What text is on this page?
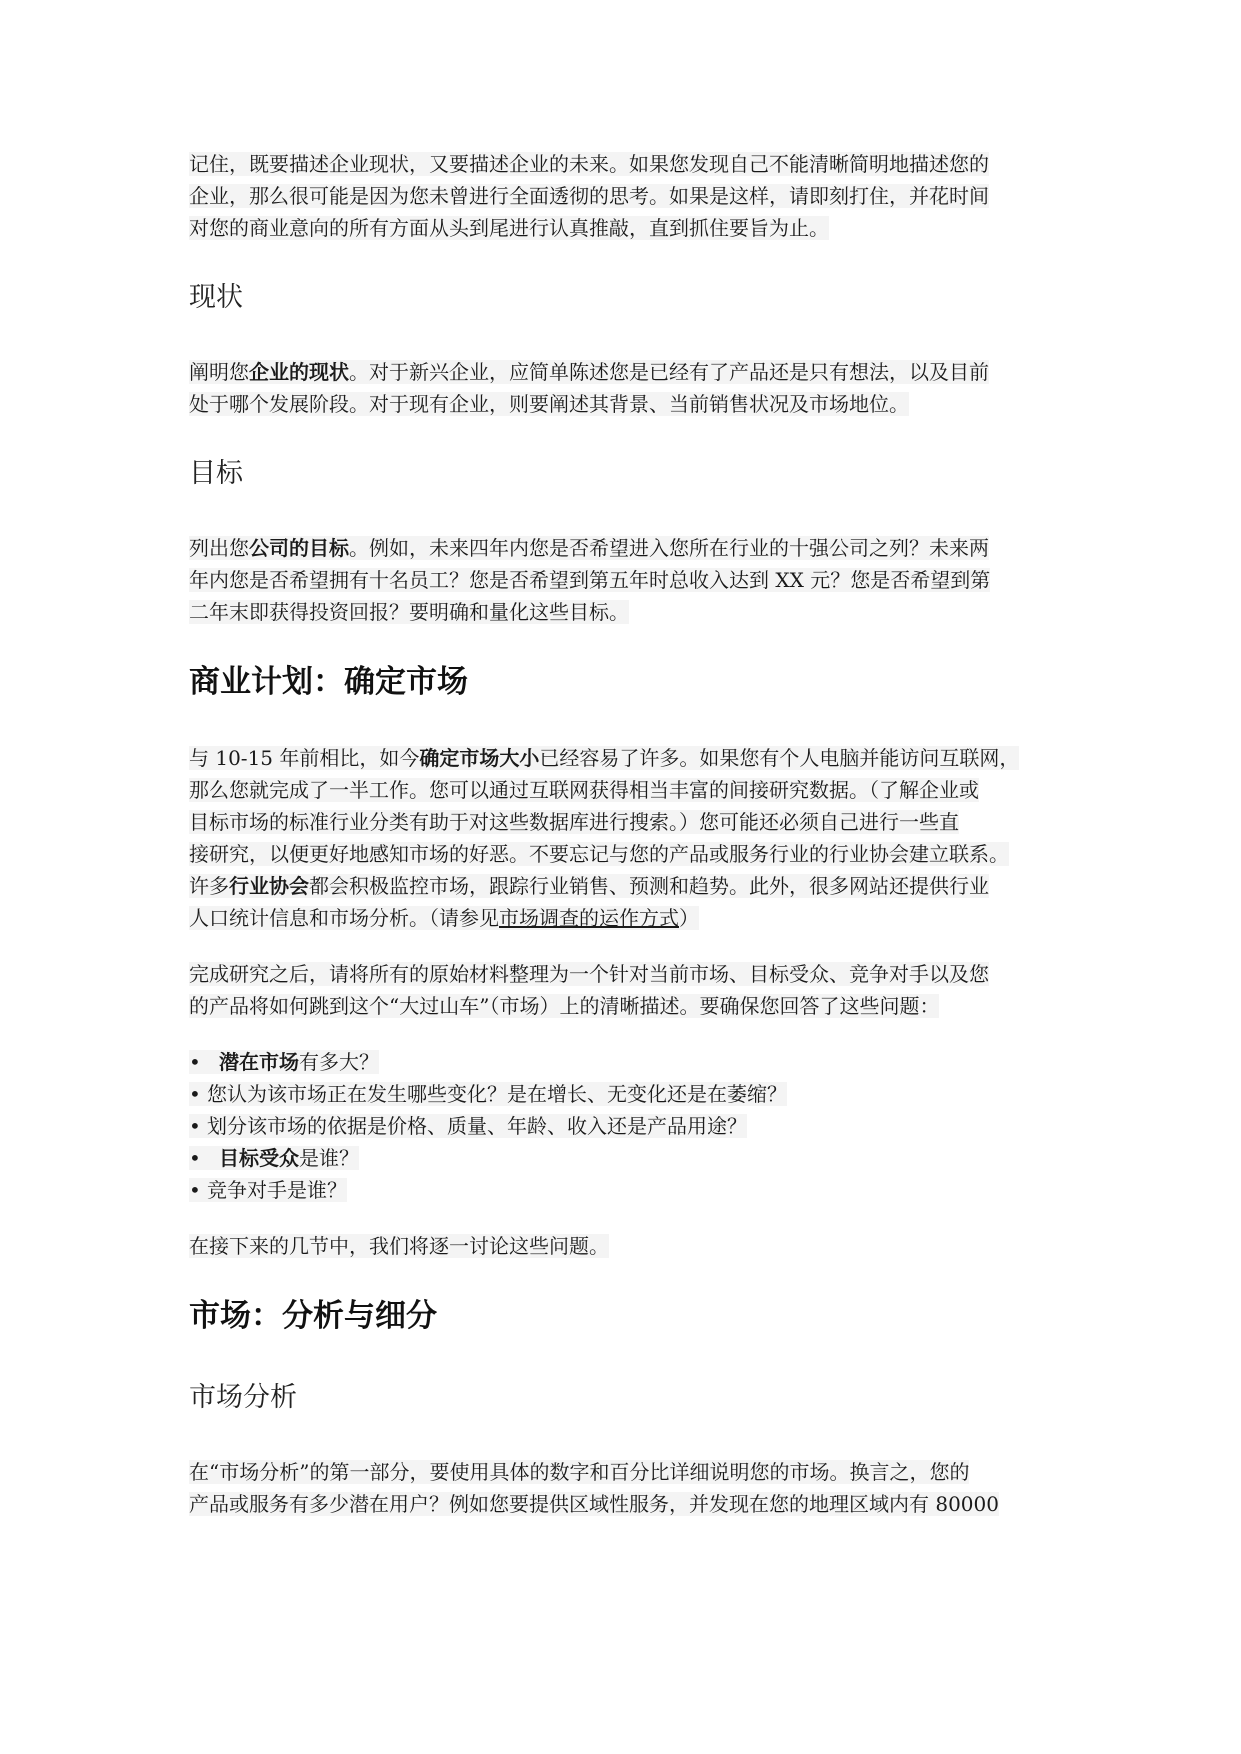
记住，既要描述企业现状，又要描述企业的未来。如果您发现自己不能清晰简明地描述您的
企业，那么很可能是因为您未曾进行全面透彻的思考。如果是这样，请即刻打住，并花时间
对您的商业意向的所有方面从头到尾进行认真推敲，直到抓住要旨为止。

现状

阐明您企业的现状。对于新兴企业，应简单陈述您是已经有了产品还是只有想法，以及目前
处于哪个发展阶段。对于现有企业，则要阐述其背景、当前销售状况及市场地位。

目标

列出您公司的目标。例如，未来四年内您是否希望进入您所在行业的十强公司之列？未来两
年内您是否希望拥有十名员工？您是否希望到第五年时总收入达到 XX 元？您是否希望到第
二年末即获得投资回报？要明确和量化这些目标。

商业计划：确定市场

与 10-15 年前相比，如今确定市场大小已经容易了许多。如果您有个人电脑并能访问互联网，
那么您就完成了一半工作。您可以通过互联网获得相当丰富的间接研究数据。（了解企业或
目标市场的标准行业分类有助于对这些数据库进行搜索。）您可能还必须自己进行一些直
接研究，以便更好地感知市场的好恶。不要忘记与您的产品或服务行业的行业协会建立联系。
许多行业协会都会积极监控市场，跟踪行业销售、预测和趋势。此外，很多网站还提供行业
人口统计信息和市场分析。（请参见市场调查的运作方式）

完成研究之后，请将所有的原始材料整理为一个针对当前市场、目标受众、竞争对手以及您
的产品将如何跳到这个“大过山车”（市场）上的清晰描述。要确保您回答了这些问题：

• 潜在市场有多大？
• 您认为该市场正在发生哪些变化？是在增长、无变化还是在萎缩？
• 划分该市场的依据是价格、质量、年龄、收入还是产品用途？
• 目标受众是谁？
• 竞争对手是谁？

在接下来的几节中，我们将逐一讨论这些问题。

市场：分析与细分
市场分析

在“市场分析”的第一部分，要使用具体的数字和百分比详细说明您的市场。换言之，您的
产品或服务有多少潜在用户？例如您要提供区域性服务，并发现在您的地理区域内有 80000
